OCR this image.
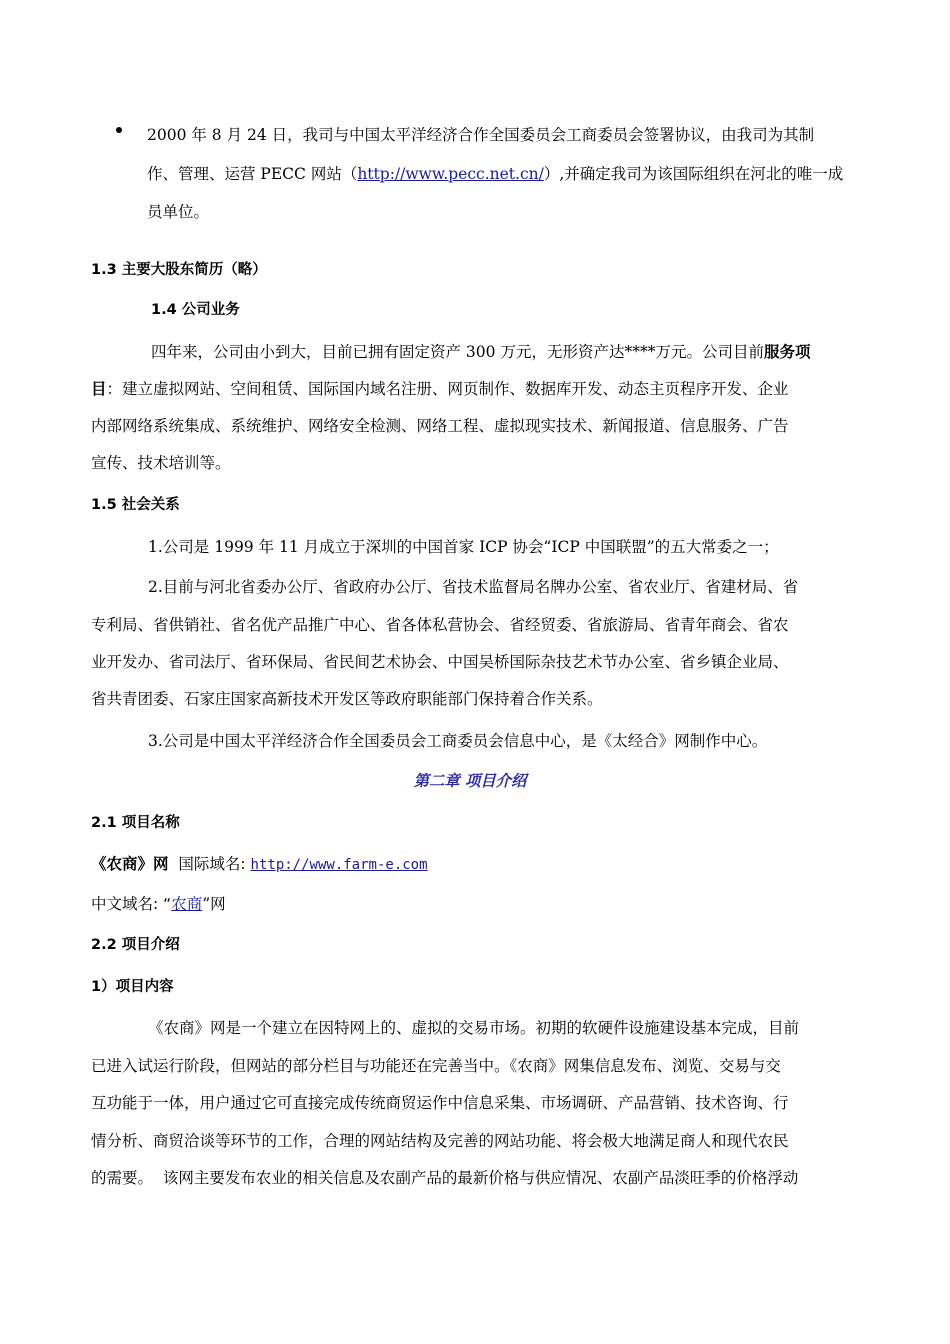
2000 年 8 月 24 日，我司与中国太平洋经济合作全国委员会工商委员会签署协议，由我司为其制
作、管理、运营 PECC 网站（http://www.pecc.net.cn/）,并确定我司为该国际组织在河北的唯一成
员单位。
1.3 主要大股东简历（略）
1.4 公司业务
四年来，公司由小到大，目前已拥有固定资产 300 万元，无形资产达****万元。公司目前服务项
目：建立虚拟网站、空间租赁、国际国内域名注册、网页制作、数据库开发、动态主页程序开发、企业
内部网络系统集成、系统维护、网络安全检测、网络工程、虚拟现实技术、新闻报道、信息服务、广告
宣传、技术培训等。
1.5 社会关系
1.公司是 1999 年 11 月成立于深圳的中国首家 ICP 协会“ICP 中国联盟”的五大常委之一；
2.目前与河北省委办公厅、省政府办公厅、省技术监督局名牌办公室、省农业厅、省建材局、省
专利局、省供销社、省名优产品推广中心、省各体私营协会、省经贸委、省旅游局、省青年商会、省农
业开发办、省司法厅、省环保局、省民间艺术协会、中国吴桥国际杂技艺术节办公室、省乡镇企业局、
省共青团委、石家庄国家高新技术开发区等政府职能部门保持着合作关系。
3.公司是中国太平洋经济合作全国委员会工商委员会信息中心，是《太经合》网制作中心。
第二章 项目介绍
2.1 项目名称
《农商》网  国际域名: http://www.farm-e.com
中文域名: “农商”网
2.2 项目介绍
1）项目内容
《农商》网是一个建立在因特网上的、虚拟的交易市场。初期的软硬件设施建设基本完成，目前
已进入试运行阶段，但网站的部分栏目与功能还在完善当中。《农商》网集信息发布、浏览、交易与交
互功能于一体，用户通过它可直接完成传统商贸运作中信息采集、市场调研、产品营销、技术咨询、行
情分析、商贸洽谈等环节的工作，合理的网站结构及完善的网站功能、将会极大地满足商人和现代农民
的需要。  该网主要发布农业的相关信息及农副产品的最新价格与供应情况、农副产品淡旺季的价格浮动
